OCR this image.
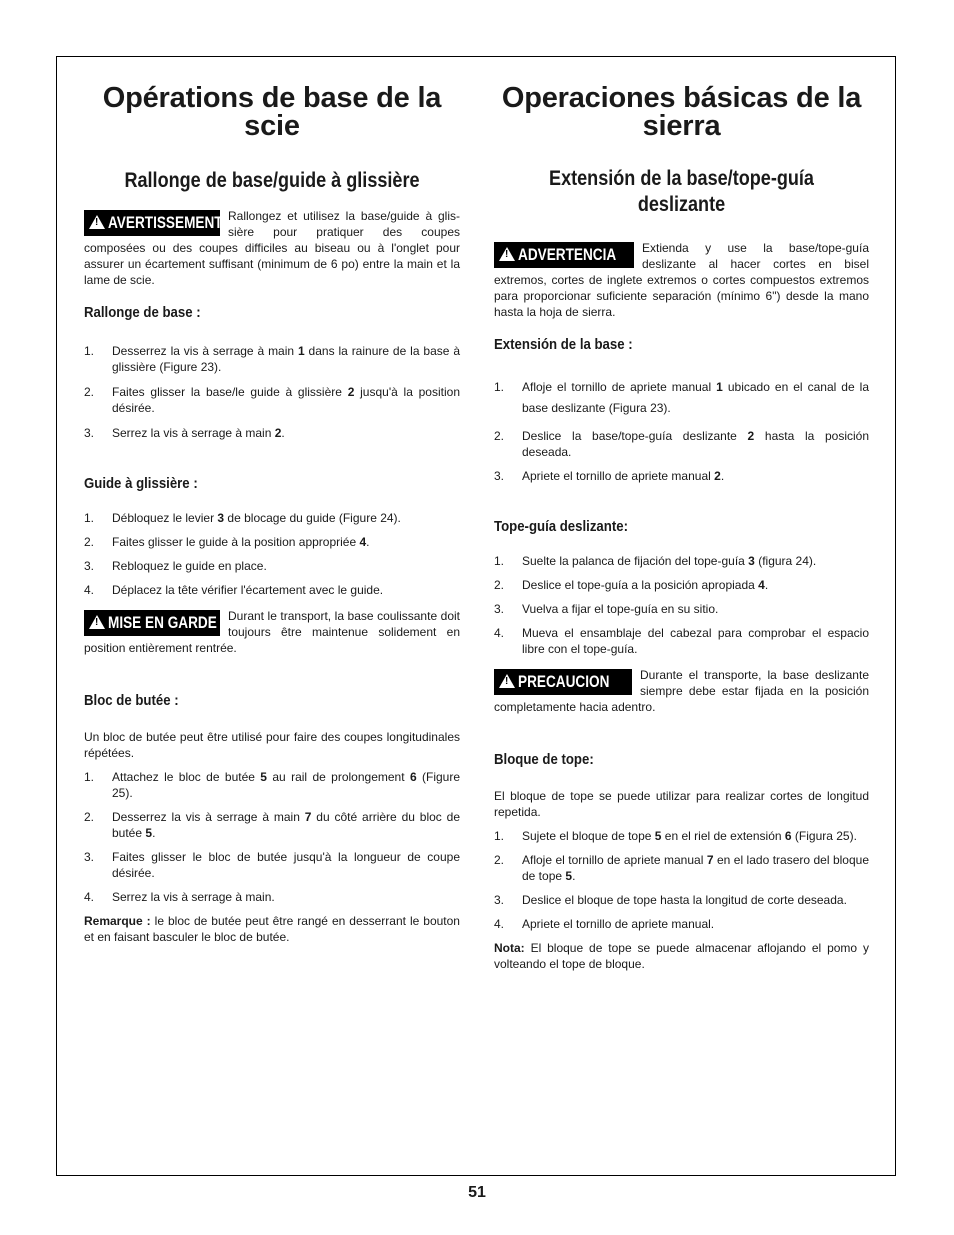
Opérations de base de la scie
Rallonge de base/guide à glissière
!AVERTISSEMENT Rallongez et utilisez la base/guide à glis-sière pour pratiquer des coupes composées ou des coupes difficiles au biseau ou à l'onglet pour assurer un écartement suffisant (minimum de 6 po) entre la main et la lame de scie.

Rallonge de base :
1. Desserrez la vis à serrage à main 1 dans la rainure de la base à glissière (Figure 23).
2. Faites glisser la base/le guide à glissière 2 jusqu'à la position désirée.
3. Serrez la vis à serrage à main 2.
Guide à glissière :
1. Débloquez le levier 3 de blocage du guide (Figure 24).
2. Faites glisser le guide à la position appropriée 4.
3. Rebloquez le guide en place.
4. Déplacez la tête vérifier l'écartement avec le guide.
!MISE EN GARDE Durant le transport, la base coulissante doit toujours être maintenue solidement en position entièrement rentrée.

Bloc de butée :

Un bloc de butée peut être utilisé pour faire des coupes longitudinales répétées.

1. Attachez le bloc de butée 5 au rail de prolongement 6 (Figure 25).
2. Desserrez la vis à serrage à main 7 du côté arrière du bloc de butée 5.
3. Faites glisser le bloc de butée jusqu'à la longueur de coupe désirée.
4. Serrez la vis à serrage à main.

Remarque : le bloc de butée peut être rangé en desserrant le bouton et en faisant basculer le bloc de butée.

Operaciones básicas de la sierra
Extensión de la base/tope-guía deslizante
!ADVERTENCIA	Extienda y use la base/tope-guía deslizante al hacer cortes en bisel extremos, cortes de inglete extremos o cortes compuestos extremos para proporcionar suficiente separación (mínimo 6") desde la mano hasta la hoja de sierra.

Extensión de la base :
1. Afloje el tornillo de apriete manual 1 ubicado en el canal de la base deslizante (Figura 23).
2. Deslice la base/tope-guía deslizante 2 hasta la posición deseada.
3. Apriete el tornillo de apriete manual 2.
Tope-guía deslizante:
1. Suelte la palanca de fijación del tope-guía 3 (figura 24).
2. Deslice el tope-guía a la posición apropiada 4.
3. Vuelva a fijar el tope-guía en su sitio.
4. Mueva el ensamblaje del cabezal para comprobar el espacio libre con el tope-guía.
!PRECAUCION	Durante el transporte, la base deslizante siempre debe estar fijada en la posición completamente hacia adentro.

Bloque de tope:

El bloque de tope se puede utilizar para realizar cortes de longitud repetida.

1. Sujete el bloque de tope 5 en el riel de extensión 6 (Figura 25).
2. Afloje el tornillo de apriete manual 7 en el lado trasero del bloque de tope 5.
3. Deslice el bloque de tope hasta la longitud de corte deseada.
4. Apriete el tornillo de apriete manual.

Nota: El bloque de tope se puede almacenar aflojando el pomo y volteando el tope de bloque.

51
